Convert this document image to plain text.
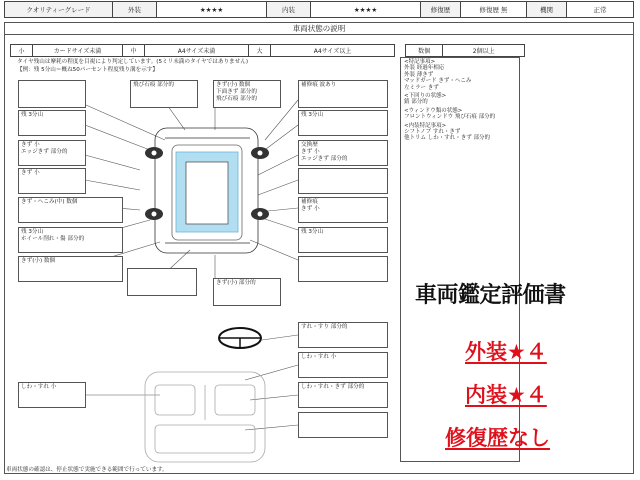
クオリティーグレード	外装	★★★★	内装	★★★★	修復歴	修復歴 無	機関	正常
車両状態の説明
小	カードサイズ未満	中	A4サイズ未満	大	A4サイズ以上	数個	2個以上
タイヤ残山は摩耗の程度を目視により判定しています。(5ミリ未満のタイヤではありません)
【例：残 5分山＝概ね50パーセント程度残り溝を示す】
飛び石痕 部分的	きず(小) 数個
下面きず 部分的
飛び石痕 部分的
補修痕 波あり
残 3分山	残 3分山
きず 小
エッジきず 部分的
交換歴
きず 小
エッジきず 部分的
きず 小
きず・へこみ(中) 数個	補修痕
きず 小
残 3分山
ホイール削れ・傷 部分的
残 3分山
きず(小) 数個
きず(小) 部分的
すれ・すり 部分的
しわ・すれ 小
しわ・すれ 小	しわ・すれ・きず 部分的
<特記事項>
外装 経過年相応
外装 薄きず
マッドガード きず・へこみ
左ミラー きず
<下回りの状態>
錆 部分的
<ウィンドウ類の状態>
フロントウィンドウ 飛び石痕 部分的
<内装特記事項>
シフトノブ すれ・きず
他トリム しわ・すれ・きず 部分的
車両鑑定評価書
外装★４
内装★４
修復歴なし
車両状態の確認は、停止状態で実施できる範囲で行っています。
